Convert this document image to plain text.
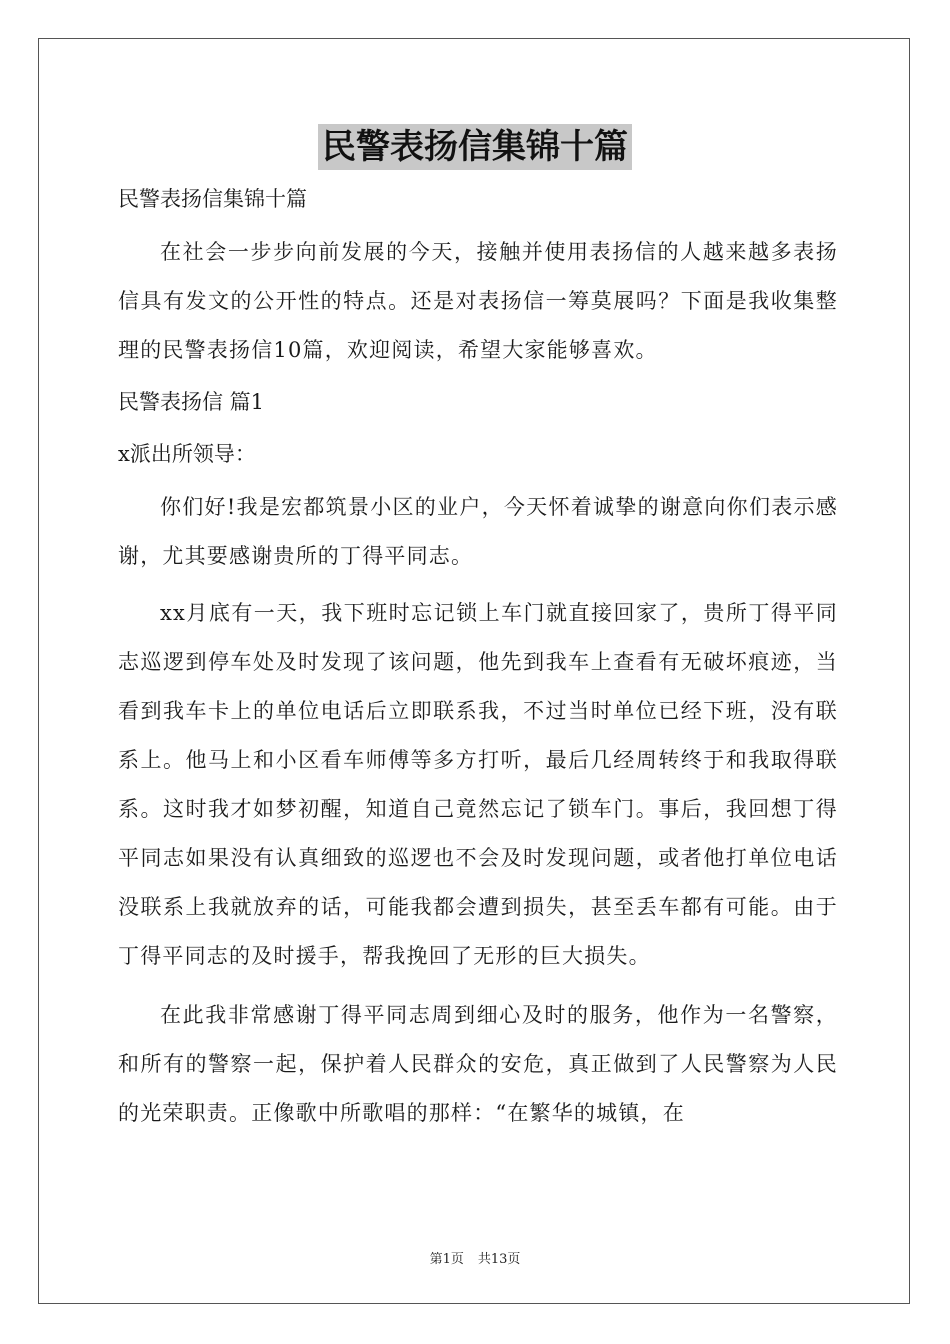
民警表扬信集锦十篇
民警表扬信集锦十篇

在社会一步步向前发展的今天，接触并使用表扬信的人越来越多表扬信具有发文的公开性的特点。还是对表扬信一筹莫展吗？下面是我收集整理的民警表扬信10篇，欢迎阅读，希望大家能够喜欢。

民警表扬信 篇1
x派出所领导：

你们好!我是宏都筑景小区的业户，今天怀着诚挚的谢意向你们表示感谢，尤其要感谢贵所的丁得平同志。

xx月底有一天，我下班时忘记锁上车门就直接回家了，贵所丁得平同志巡逻到停车处及时发现了该问题，他先到我车上查看有无破坏痕迹，当看到我车卡上的单位电话后立即联系我，不过当时单位已经下班，没有联系上。他马上和小区看车师傅等多方打听，最后几经周转终于和我取得联系。这时我才如梦初醒，知道自己竟然忘记了锁车门。事后，我回想丁得平同志如果没有认真细致的巡逻也不会及时发现问题，或者他打单位电话没联系上我就放弃的话，可能我都会遭到损失，甚至丢车都有可能。由于丁得平同志的及时援手，帮我挽回了无形的巨大损失。

在此我非常感谢丁得平同志周到细心及时的服务，他作为一名警察，和所有的警察一起，保护着人民群众的安危，真正做到了人民警察为人民的光荣职责。正像歌中所歌唱的那样：“在繁华的城镇，在

第1页 共13页
